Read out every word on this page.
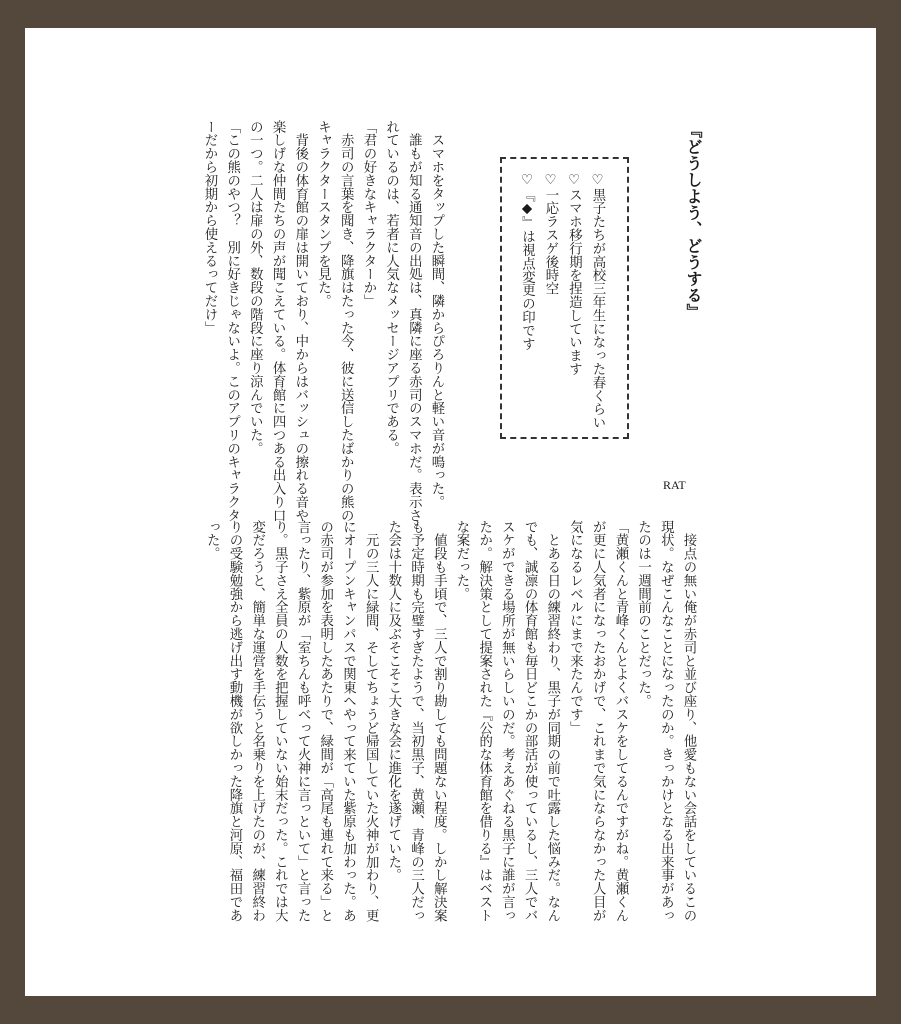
『どうしよう、どうする』
♡黒子たちが高校三年生になった春くらい
♡スマホ移行期を捏造しています
♡一応ラスゲ後時空
♡『◆』は視点変更の印です
RAT
　スマホをタップした瞬間、隣からぴろりんと軽い音が鳴った。
　誰もが知る通知音の出処は、真隣に座る赤司のスマホだ。表示さ
れているのは、若者に人気なメッセージアプリである。
「君の好きなキャラクターか」
　赤司の言葉を聞き、降旗はたった今、彼に送信したばかりの熊の
キャラクタースタンプを見た。
　背後の体育館の扉は開いており、中からはバッシュの擦れる音や
楽しげな仲間たちの声が聞こえている。体育館に四つある出入り口
の一つ。二人は扉の外、数段の階段に座り涼んでいた。
「この熊のやつ？　別に好きじゃないよ。このアプリのキャラクタ
ーだから初期から使えるってだけ」
　接点の無い俺が赤司と並び座り、他愛もない会話をしているこの
現状。なぜこんなことになったのか。きっかけとなる出来事があっ
たのは一週間前のことだった。
「黄瀬くんと青峰くんとよくバスケをしてるんですがね。黄瀬くん
が更に人気者になったおかげで、これまで気にならなかった人目が
気になるレベルにまで来たんです」
　とある日の練習終わり、黒子が同期の前で吐露した悩みだ。なん
でも、誠凛の体育館も毎日どこかの部活が使っているし、三人でバ
スケができる場所が無いらしいのだ。考えあぐねる黒子に誰が言っ
たか。解決策として提案された『公的な体育館を借りる』はベスト
な案だった。
　値段も手頃で、三人で割り勘しても問題ない程度。しかし解決案
も予定時期も完璧すぎたようで、当初黒子、黄瀬、青峰の三人だっ
た会は十数人に及ぶそこそこ大きな会に進化を遂げていた。
　元の三人に緑間、そしてちょうど帰国していた火神が加わり、更
にオープンキャンパスで関東へやって来ていた紫原も加わった。あ
の赤司が参加を表明したあたりで、緑間が「高尾も連れて来る」と
言ったり、紫原が「室ちんも呼べって火神に言っといて」と言った
り。黒子さえ全員の人数を把握していない始末だった。これでは大
変だろうと、簡単な運営を手伝うと名乗りを上げたのが、練習終わ
りの受験勉強から逃げ出す動機が欲しかった降旗と河原、福田であ
った。
